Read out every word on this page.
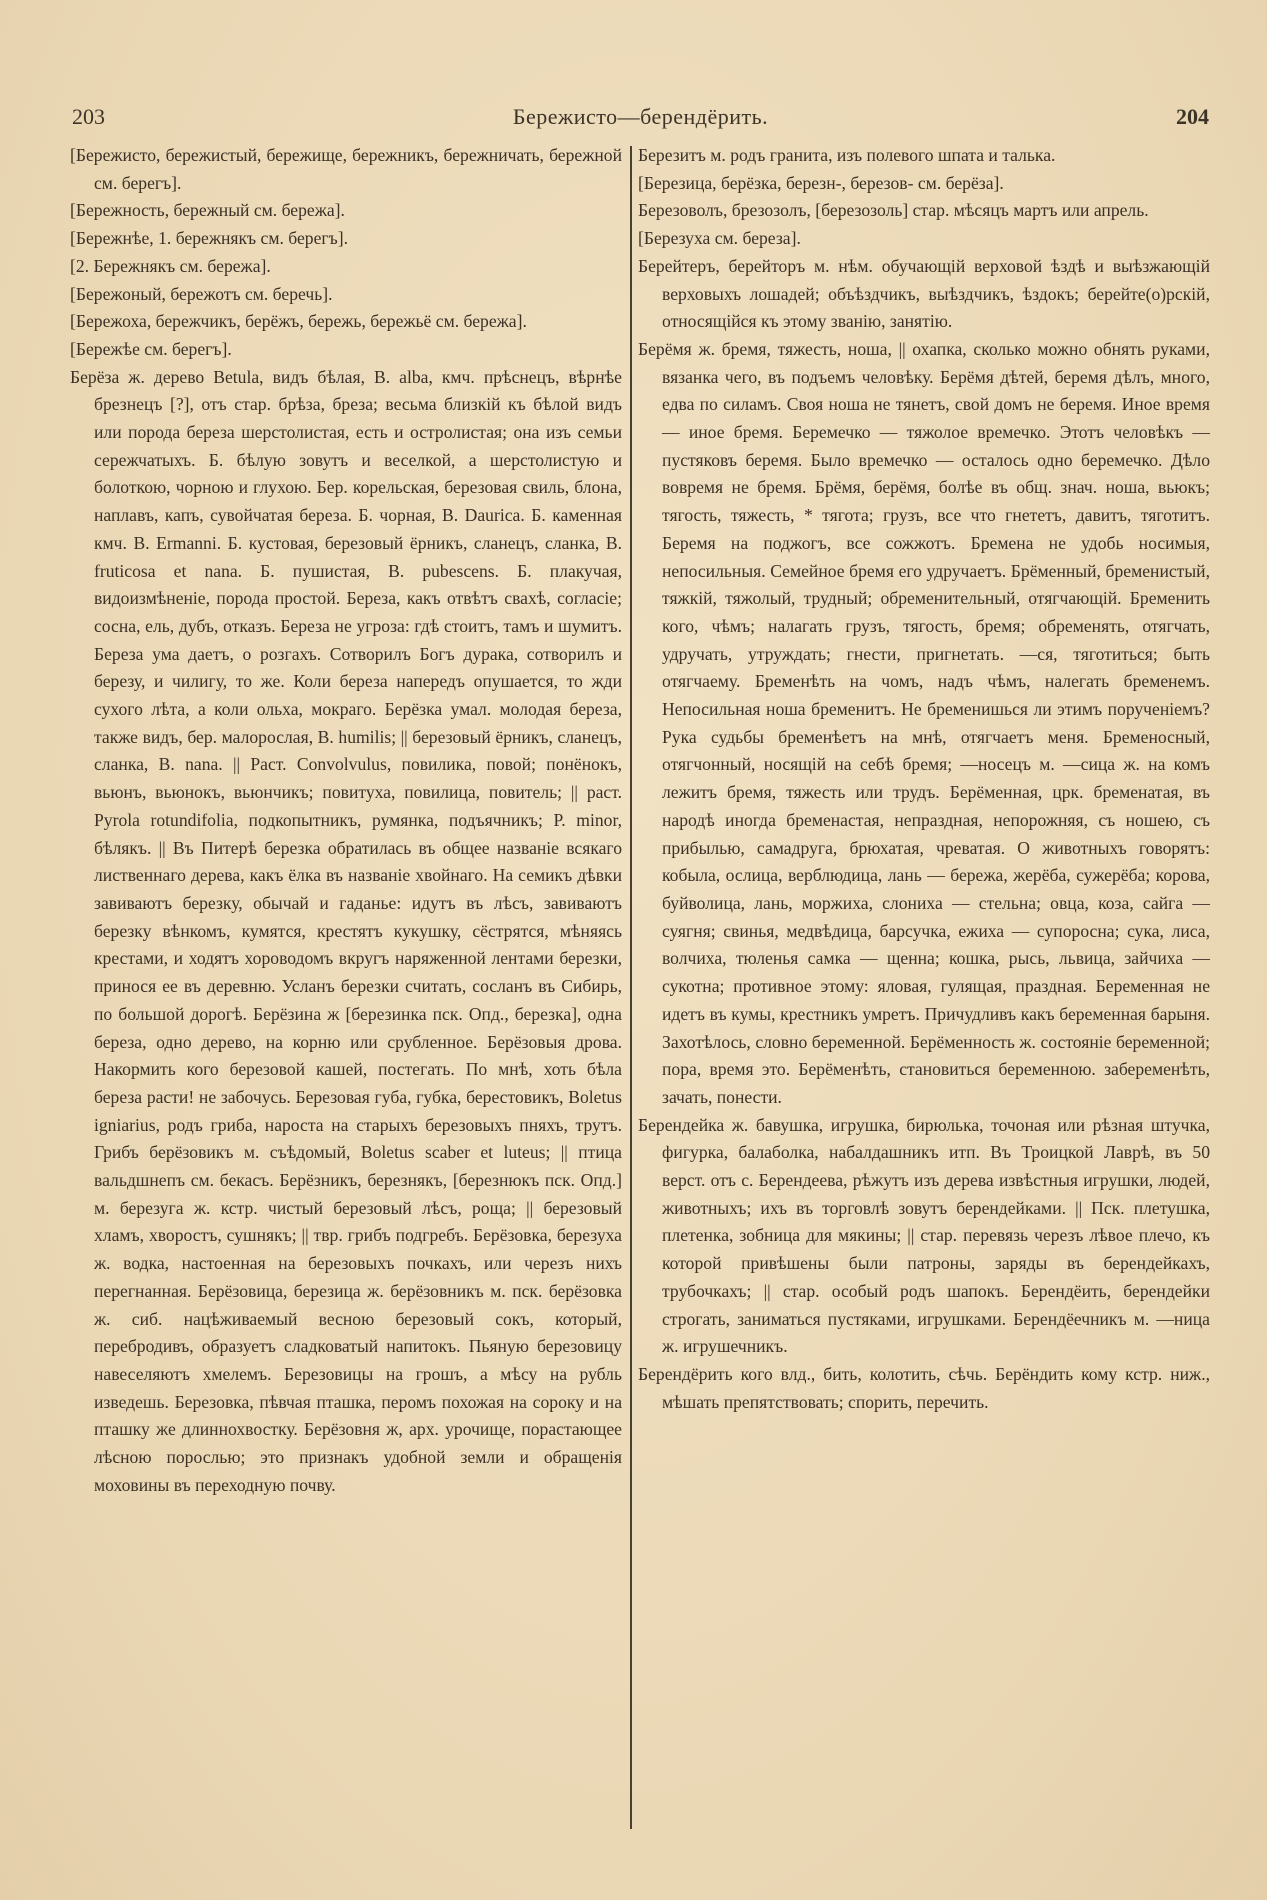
203	Бережисто—берендёрить.	204

[Бережисто, бережистый, бережище, бережникъ, бережничать, бережной см. берегъ].

[Бережность, бережный см. бережа].

[Бережнѣе, 1. бережнякъ см. берегъ].

[2. Бережнякъ см. бережа].

[Бережоный, бережотъ см. беречь].

[Бережоха, бережчикъ, берёжъ, бережь, бережьё см. бережа].

[Бережѣе см. берегъ].

Берёза ж. дерево Betula, видъ бѣлая, B. alba, кмч. прѣснецъ, вѣрнѣе брезнецъ [?], отъ стар. брѣза, бреза; весьма близкій къ бѣлой видъ или порода береза шерстолистая, есть и остролистая; она изъ семьи сережчатыхъ. Б. бѣлую зовутъ и веселкой, а шерстолистую и болоткою, чорною и глухою. Бер. корельская, березовая свиль, блона, наплавъ, капъ, сувойчатая береза. Б. чорная, B. Daurica. Б. каменная кмч. B. Ermanni. Б. кустовая, березовый ёрникъ, сланецъ, сланка, B. fruticosa et nana. Б. пушистая, B. pubescens. Б. плакучая, видоизмѣненіе, порода простой. Береза, какъ отвѣтъ свахѣ, согласіе; сосна, ель, дубъ, отказъ. Береза не угроза: гдѣ стоитъ, тамъ и шумитъ. Береза ума даетъ, о розгахъ. Сотворилъ Богъ дурака, сотворилъ и березу, и чилигу, то же. Коли береза напередъ опушается, то жди сухого лѣта, а коли ольха, мокраго. Берёзка умал. молодая береза, также видъ, бер. малорослая, B. humilis; || березовый ёрникъ, сланецъ, сланка, B. nana. || Раст. Convolvulus, повилика, повой; понёнокъ, вьюнъ, вьюнокъ, вьюнчикъ; повитуха, повилица, повитель; || раст. Pyrola rotundifolia, подкопытникъ, румянка, подъячникъ; P. minor, бѣлякъ. || Въ Питерѣ березка обратилась въ общее названіе всякаго лиственнаго дерева, какъ ёлка въ названіе хвойнаго. На семикъ дѣвки завиваютъ березку, обычай и гаданье: идутъ въ лѣсъ, завиваютъ березку вѣнкомъ, кумятся, крестятъ кукушку, сёстрятся, мѣняясь крестами, и ходятъ хороводомъ вкругъ наряженной лентами березки, принося ее въ деревню. Усланъ березки считать, сосланъ въ Сибирь, по большой дорогѣ. Берёзина ж [березинка пск. Опд., березка], одна береза, одно дерево, на корню или срубленное. Берёзовыя дрова. Накормить кого березовой кашей, постегать. По мнѣ, хоть бѣла береза расти! не забочусь. Березовая губа, губка, берестовикъ, Boletus igniarius, родъ гриба, нароста на старыхъ березовыхъ пняхъ, трутъ. Грибъ берёзовикъ м. съѣдомый, Boletus scaber et luteus; || птица вальдшнепъ см. бекасъ. Берёзникъ, березнякъ, [березнюкъ пск. Опд.] м. березуга ж. кстр. чистый березовый лѣсъ, роща; || березовый хламъ, хворостъ, сушнякъ; || твр. грибъ подгребъ. Берёзовка, березуха ж. водка, настоенная на березовыхъ почкахъ, или черезъ нихъ перегнанная. Берёзовица, березица ж. берёзовникъ м. пск. берёзовка ж. сиб. нацѣживаемый весною березовый сокъ, который, перебродивъ, образуетъ сладковатый напитокъ. Пьяную березовицу навеселяютъ хмелемъ. Березовицы на грошъ, а мѣсу на рубль изведешь. Березовка, пѣвчая пташка, перомъ похожая на сороку и на пташку же длиннохвостку. Берёзовня ж, арх. урочище, порастающее лѣсною порослью; это признакъ удобной земли и обращенія моховины въ переходную почву.

Березитъ м. родъ гранита, изъ полевого шпата и талька.

[Березица, берёзка, березн-, березов- см. берёза].

Березоволъ, брезозолъ, [березозоль] стар. мѣсяцъ мартъ или апрель.

[Березуха см. береза].

Берейтеръ, берейторъ м. нѣм. обучающій верховой ѣздѣ и выѣзжающій верховыхъ лошадей; объѣздчикъ, выѣздчикъ, ѣздокъ; берейте(о)рскій, относящійся къ этому званію, занятію.

Берёмя ж. бремя, тяжесть, ноша, || охапка, сколько можно обнять руками, вязанка чего, въ подъемъ человѣку. Берёмя дѣтей, беремя дѣлъ, много, едва по силамъ. Своя ноша не тянетъ, свой домъ не беремя. Иное время — иное бремя. Беремечко — тяжолое времечко. Этотъ человѣкъ — пустяковъ беремя. Было времечко — осталось одно беремечко. Дѣло вовремя не бремя. Брёмя, берёмя, болѣе въ общ. знач. ноша, вьюкъ; тягость, тяжесть, * тягота; грузъ, все что гнететъ, давитъ, тяготитъ. Беремя на поджогъ, все сожжотъ. Бремена не удобь носимыя, непосильныя. Семейное бремя его удручаетъ. Брёменный, бременистый, тяжкій, тяжолый, трудный; обременительный, отягчающій. Бременить кого, чѣмъ; налагать грузъ, тягость, бремя; обременять, отягчать, удручать, утруждать; гнести, пригнетать. —ся, тяготиться; быть отягчаему. Бременѣть на чомъ, надъ чѣмъ, налегать бременемъ. Непосильная ноша бременитъ. Не бременишься ли этимъ порученіемъ? Рука судьбы бременѣетъ на мнѣ, отягчаетъ меня. Бременосный, отягчонный, носящій на себѣ бремя; —носецъ м. —сица ж. на комъ лежитъ бремя, тяжесть или трудъ. Берёменная, црк. бременатая, въ народѣ иногда бременастая, непраздная, непорожняя, съ ношею, съ прибылью, самадруга, брюхатая, чреватая. О животныхъ говорятъ: кобыла, ослица, верблюдица, лань — бережа, жерёба, сужерёба; корова, буйволица, лань, моржиха, слониха — стельна; овца, коза, сайга — суягня; свинья, медвѣдица, барсучка, ежиха — супоросна; сука, лиса, волчиха, тюленья самка — щенна; кошка, рысь, львица, зайчиха — сукотна; противное этому: яловая, гулящая, праздная. Беременная не идетъ въ кумы, крестникъ умретъ. Причудливъ какъ беременная барыня. Захотѣлось, словно беременной. Берёменность ж. состояніе беременной; пора, время это. Берёменѣть, становиться беременною. забеременѣть, зачать, понести.

Берендейка ж. бавушка, игрушка, бирюлька, точоная или рѣзная штучка, фигурка, балаболка, набалдашникъ итп. Въ Троицкой Лаврѣ, въ 50 верст. отъ с. Берендеева, рѣжутъ изъ дерева извѣстныя игрушки, людей, животныхъ; ихъ въ торговлѣ зовутъ берендейками. || Пск. плетушка, плетенка, зобница для мякины; || стар. перевязь черезъ лѣвое плечо, къ которой привѣшены были патроны, заряды въ берендейкахъ, трубочкахъ; || стар. особый родъ шапокъ. Берендёить, берендейки строгать, заниматься пустяками, игрушками. Берендёечникъ м. —ница ж. игрушечникъ.

Берендёрить кого влд., бить, колотить, сѣчь. Берёндить кому кстр. ниж., мѣшать препятствовать; спорить, перечить.
